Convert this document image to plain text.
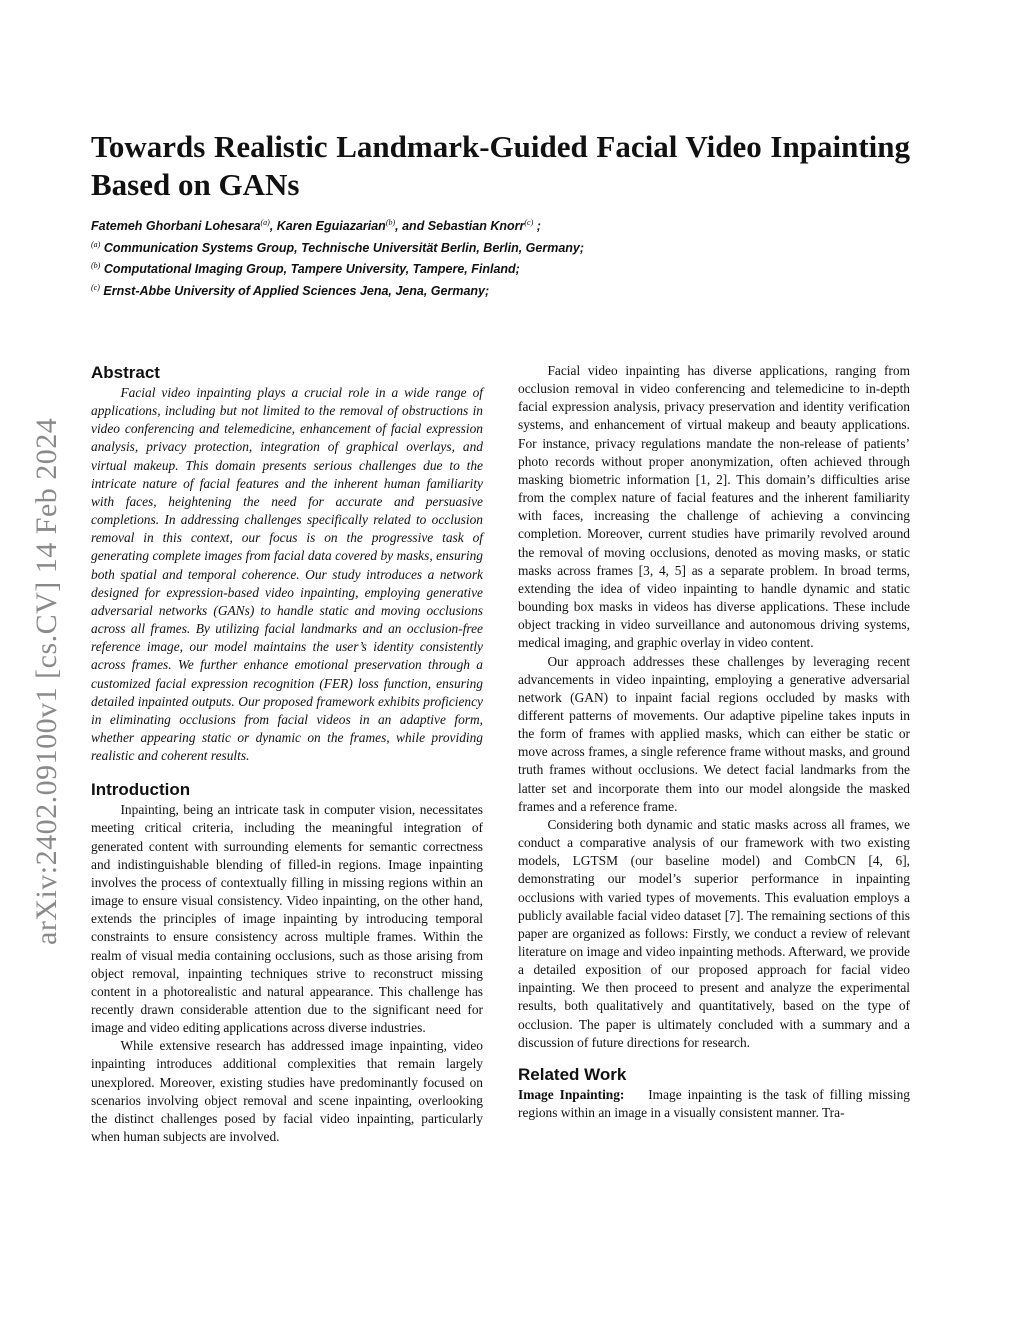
arXiv:2402.09100v1 [cs.CV] 14 Feb 2024
Towards Realistic Landmark-Guided Facial Video Inpainting
Based on GANs
Fatemeh Ghorbani Lohesara$^{(a)}$, Karen Eguiazarian$^{(b)}$, and Sebastian Knorr$^{(c)}$ ;
$^{(a)}$ Communication Systems Group, Technische Universität Berlin, Berlin, Germany;
$^{(b)}$ Computational Imaging Group, Tampere University, Tampere, Finland;
$^{(c)}$ Ernst-Abbe University of Applied Sciences Jena, Jena, Germany;
Abstract

Facial video inpainting plays a crucial role in a wide range of applications, including but not limited to the removal of obstructions in video conferencing and telemedicine, enhancement of facial expression analysis, privacy protection, integration of graphical overlays, and virtual makeup. This domain presents serious challenges due to the intricate nature of facial features and the inherent human familiarity with faces, heightening the need for accurate and persuasive completions. In addressing challenges specifically related to occlusion removal in this context, our focus is on the progressive task of generating complete images from facial data covered by masks, ensuring both spatial and temporal coherence. Our study introduces a network designed for expression-based video inpainting, employing generative adversarial networks (GANs) to handle static and moving occlusions across all frames. By utilizing facial landmarks and an occlusion-free reference image, our model maintains the user’s identity consistently across frames. We further enhance emotional preservation through a customized facial expression recognition (FER) loss function, ensuring detailed inpainted outputs. Our proposed framework exhibits proficiency in eliminating occlusions from facial videos in an adaptive form, whether appearing static or dynamic on the frames, while providing realistic and coherent results.

Introduction

Inpainting, being an intricate task in computer vision, necessitates meeting critical criteria, including the meaningful integration of generated content with surrounding elements for semantic correctness and indistinguishable blending of filled-in regions. Image inpainting involves the process of contextually filling in missing regions within an image to ensure visual consistency. Video inpainting, on the other hand, extends the principles of image inpainting by introducing temporal constraints to ensure consistency across multiple frames. Within the realm of visual media containing occlusions, such as those arising from object removal, inpainting techniques strive to reconstruct missing content in a photorealistic and natural appearance. This challenge has recently drawn considerable attention due to the significant need for image and video editing applications across diverse industries.

While extensive research has addressed image inpainting, video inpainting introduces additional complexities that remain largely unexplored. Moreover, existing studies have predominantly focused on scenarios involving object removal and scene inpainting, overlooking the distinct challenges posed by facial video inpainting, particularly when human subjects are involved.

Facial video inpainting has diverse applications, ranging from occlusion removal in video conferencing and telemedicine to in-depth facial expression analysis, privacy preservation and identity verification systems, and enhancement of virtual makeup and beauty applications. For instance, privacy regulations mandate the non-release of patients’ photo records without proper anonymization, often achieved through masking biometric information [1, 2]. This domain’s difficulties arise from the complex nature of facial features and the inherent familiarity with faces, increasing the challenge of achieving a convincing completion. Moreover, current studies have primarily revolved around the removal of moving occlusions, denoted as moving masks, or static masks across frames [3, 4, 5] as a separate problem. In broad terms, extending the idea of video inpainting to handle dynamic and static bounding box masks in videos has diverse applications. These include object tracking in video surveillance and autonomous driving systems, medical imaging, and graphic overlay in video content.

Our approach addresses these challenges by leveraging recent advancements in video inpainting, employing a generative adversarial network (GAN) to inpaint facial regions occluded by masks with different patterns of movements. Our adaptive pipeline takes inputs in the form of frames with applied masks, which can either be static or move across frames, a single reference frame without masks, and ground truth frames without occlusions. We detect facial landmarks from the latter set and incorporate them into our model alongside the masked frames and a reference frame.

Considering both dynamic and static masks across all frames, we conduct a comparative analysis of our framework with two existing models, LGTSM (our baseline model) and CombCN [4, 6], demonstrating our model’s superior performance in inpainting occlusions with varied types of movements. This evaluation employs a publicly available facial video dataset [7]. The remaining sections of this paper are organized as follows: Firstly, we conduct a review of relevant literature on image and video inpainting methods. Afterward, we provide a detailed exposition of our proposed approach for facial video inpainting. We then proceed to present and analyze the experimental results, both qualitatively and quantitatively, based on the type of occlusion. The paper is ultimately concluded with a summary and a discussion of future directions for research.

Related Work

Image Inpainting: Image inpainting is the task of filling missing regions within an image in a visually consistent manner. Tra-
